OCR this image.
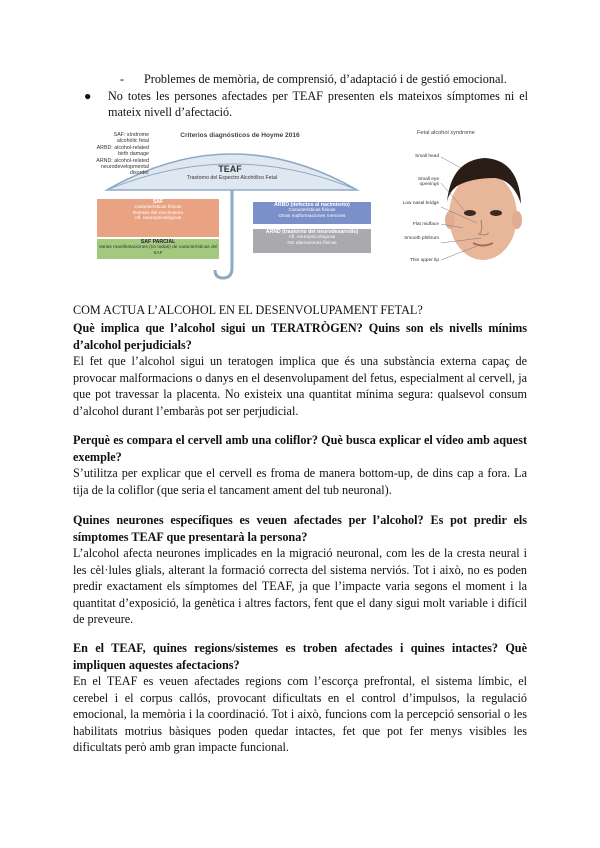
- Problemes de memòria, de comprensió, d’adaptació i de gestió emocional.
● No totes les persones afectades per TEAF presenten els mateixos símptomes ni el mateix nivell d’afectació.

SAF: síndrome
alcohòlic fetal
ARBD: alcohol-related
birth damage
ARND: alcohol-related
neurodevelopmental
disorder
Criterios diagnósticos de Hoyme 2016
TEAF
Trastorno del Espectro Alcohólico Fetal
SAF
Características físicas
Retraso del crecimiento
Afl. neuropsicológicas
ARBD (defectos al nacimiento)
Características físicas
Otras malformaciones menores
ARND (trastorno del neurodesarrollo)
Afl. neuropsicológicas
NO alteraciones físicas
SAF PARCIAL
Varias manifestaciones (no todas) de características del
SAF
Fetal alcohol syndrome
Small head
Small eye openings
Low nasal bridge
Flat midface
Smooth philtrum
Thin upper lip
COM ACTUA L’ALCOHOL EN EL DESENVOLUPAMENT FETAL?

Què implica que l’alcohol sigui un TERATRÒGEN? Quins son els nivells mínims d’alcohol perjudicials?

El fet que l’alcohol sigui un teratogen implica que és una substància externa capaç de provocar malformacions o danys en el desenvolupament del fetus, especialment al cervell, ja que pot travessar la placenta. No existeix una quantitat mínima segura: qualsevol consum d’alcohol durant l’embaràs pot ser perjudicial.

Perquè es compara el cervell amb una coliflor? Què busca explicar el vídeo amb aquest exemple?

S’utilitza per explicar que el cervell es froma de manera bottom-up, de dins cap a fora. La tija de la coliflor (que seria el tancament ament del tub neuronal).

Quines neurones específiques es veuen afectades per l’alcohol? Es pot predir els símptomes TEAF que presentarà la persona?

L’alcohol afecta neurones implicades en la migració neuronal, com les de la cresta neural i les cèl·lules glials, alterant la formació correcta del sistema nerviós. Tot i això, no es poden predir exactament els símptomes del TEAF, ja que l’impacte varia segons el moment i la quantitat d’exposició, la genètica i altres factors, fent que el dany sigui molt variable i difícil de preveure.

En el TEAF, quines regions/sistemes es troben afectades i quines intactes? Què impliquen aquestes afectacions?

En el TEAF es veuen afectades regions com l’escorça prefrontal, el sistema límbic, el cerebel i el corpus callós, provocant dificultats en el control d’impulsos, la regulació emocional, la memòria i la coordinació. Tot i això, funcions com la percepció sensorial o les habilitats motrius bàsiques poden quedar intactes, fet que pot fer menys visibles les dificultats però amb gran impacte funcional.
